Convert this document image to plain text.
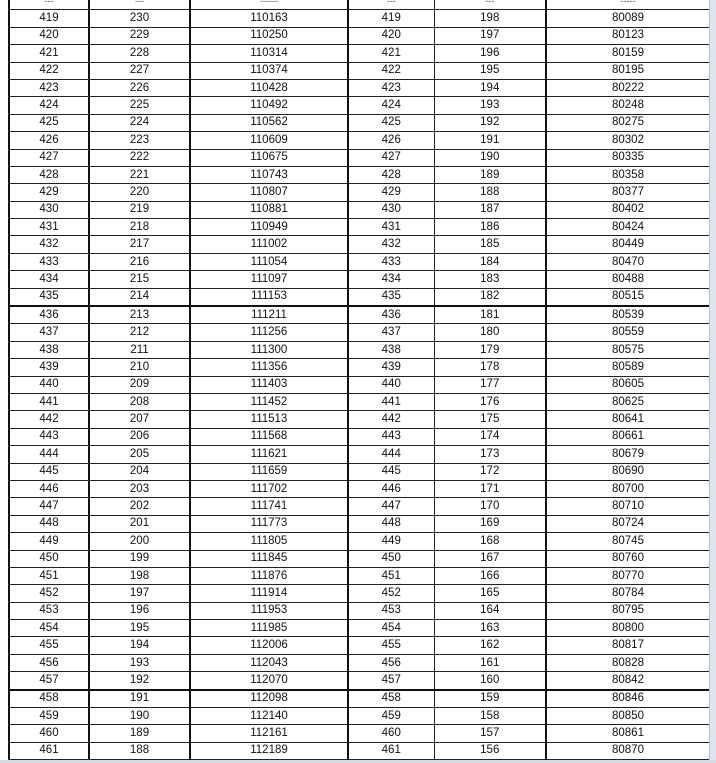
---	---	------	---	---	-----
419	230	110163	419	198	80089
420	229	110250	420	197	80123
421	228	110314	421	196	80159
422	227	110374	422	195	80195
423	226	110428	423	194	80222
424	225	110492	424	193	80248
425	224	110562	425	192	80275
426	223	110609	426	191	80302
427	222	110675	427	190	80335
428	221	110743	428	189	80358
429	220	110807	429	188	80377
430	219	110881	430	187	80402
431	218	110949	431	186	80424
432	217	111002	432	185	80449
433	216	111054	433	184	80470
434	215	111097	434	183	80488
435	214	111153	435	182	80515
436	213	111211	436	181	80539
437	212	111256	437	180	80559
438	211	111300	438	179	80575
439	210	111356	439	178	80589
440	209	111403	440	177	80605
441	208	111452	441	176	80625
442	207	111513	442	175	80641
443	206	111568	443	174	80661
444	205	111621	444	173	80679
445	204	111659	445	172	80690
446	203	111702	446	171	80700
447	202	111741	447	170	80710
448	201	111773	448	169	80724
449	200	111805	449	168	80745
450	199	111845	450	167	80760
451	198	111876	451	166	80770
452	197	111914	452	165	80784
453	196	111953	453	164	80795
454	195	111985	454	163	80800
455	194	112006	455	162	80817
456	193	112043	456	161	80828
457	192	112070	457	160	80842
458	191	112098	458	159	80846
459	190	112140	459	158	80850
460	189	112161	460	157	80861
461	188	112189	461	156	80870
